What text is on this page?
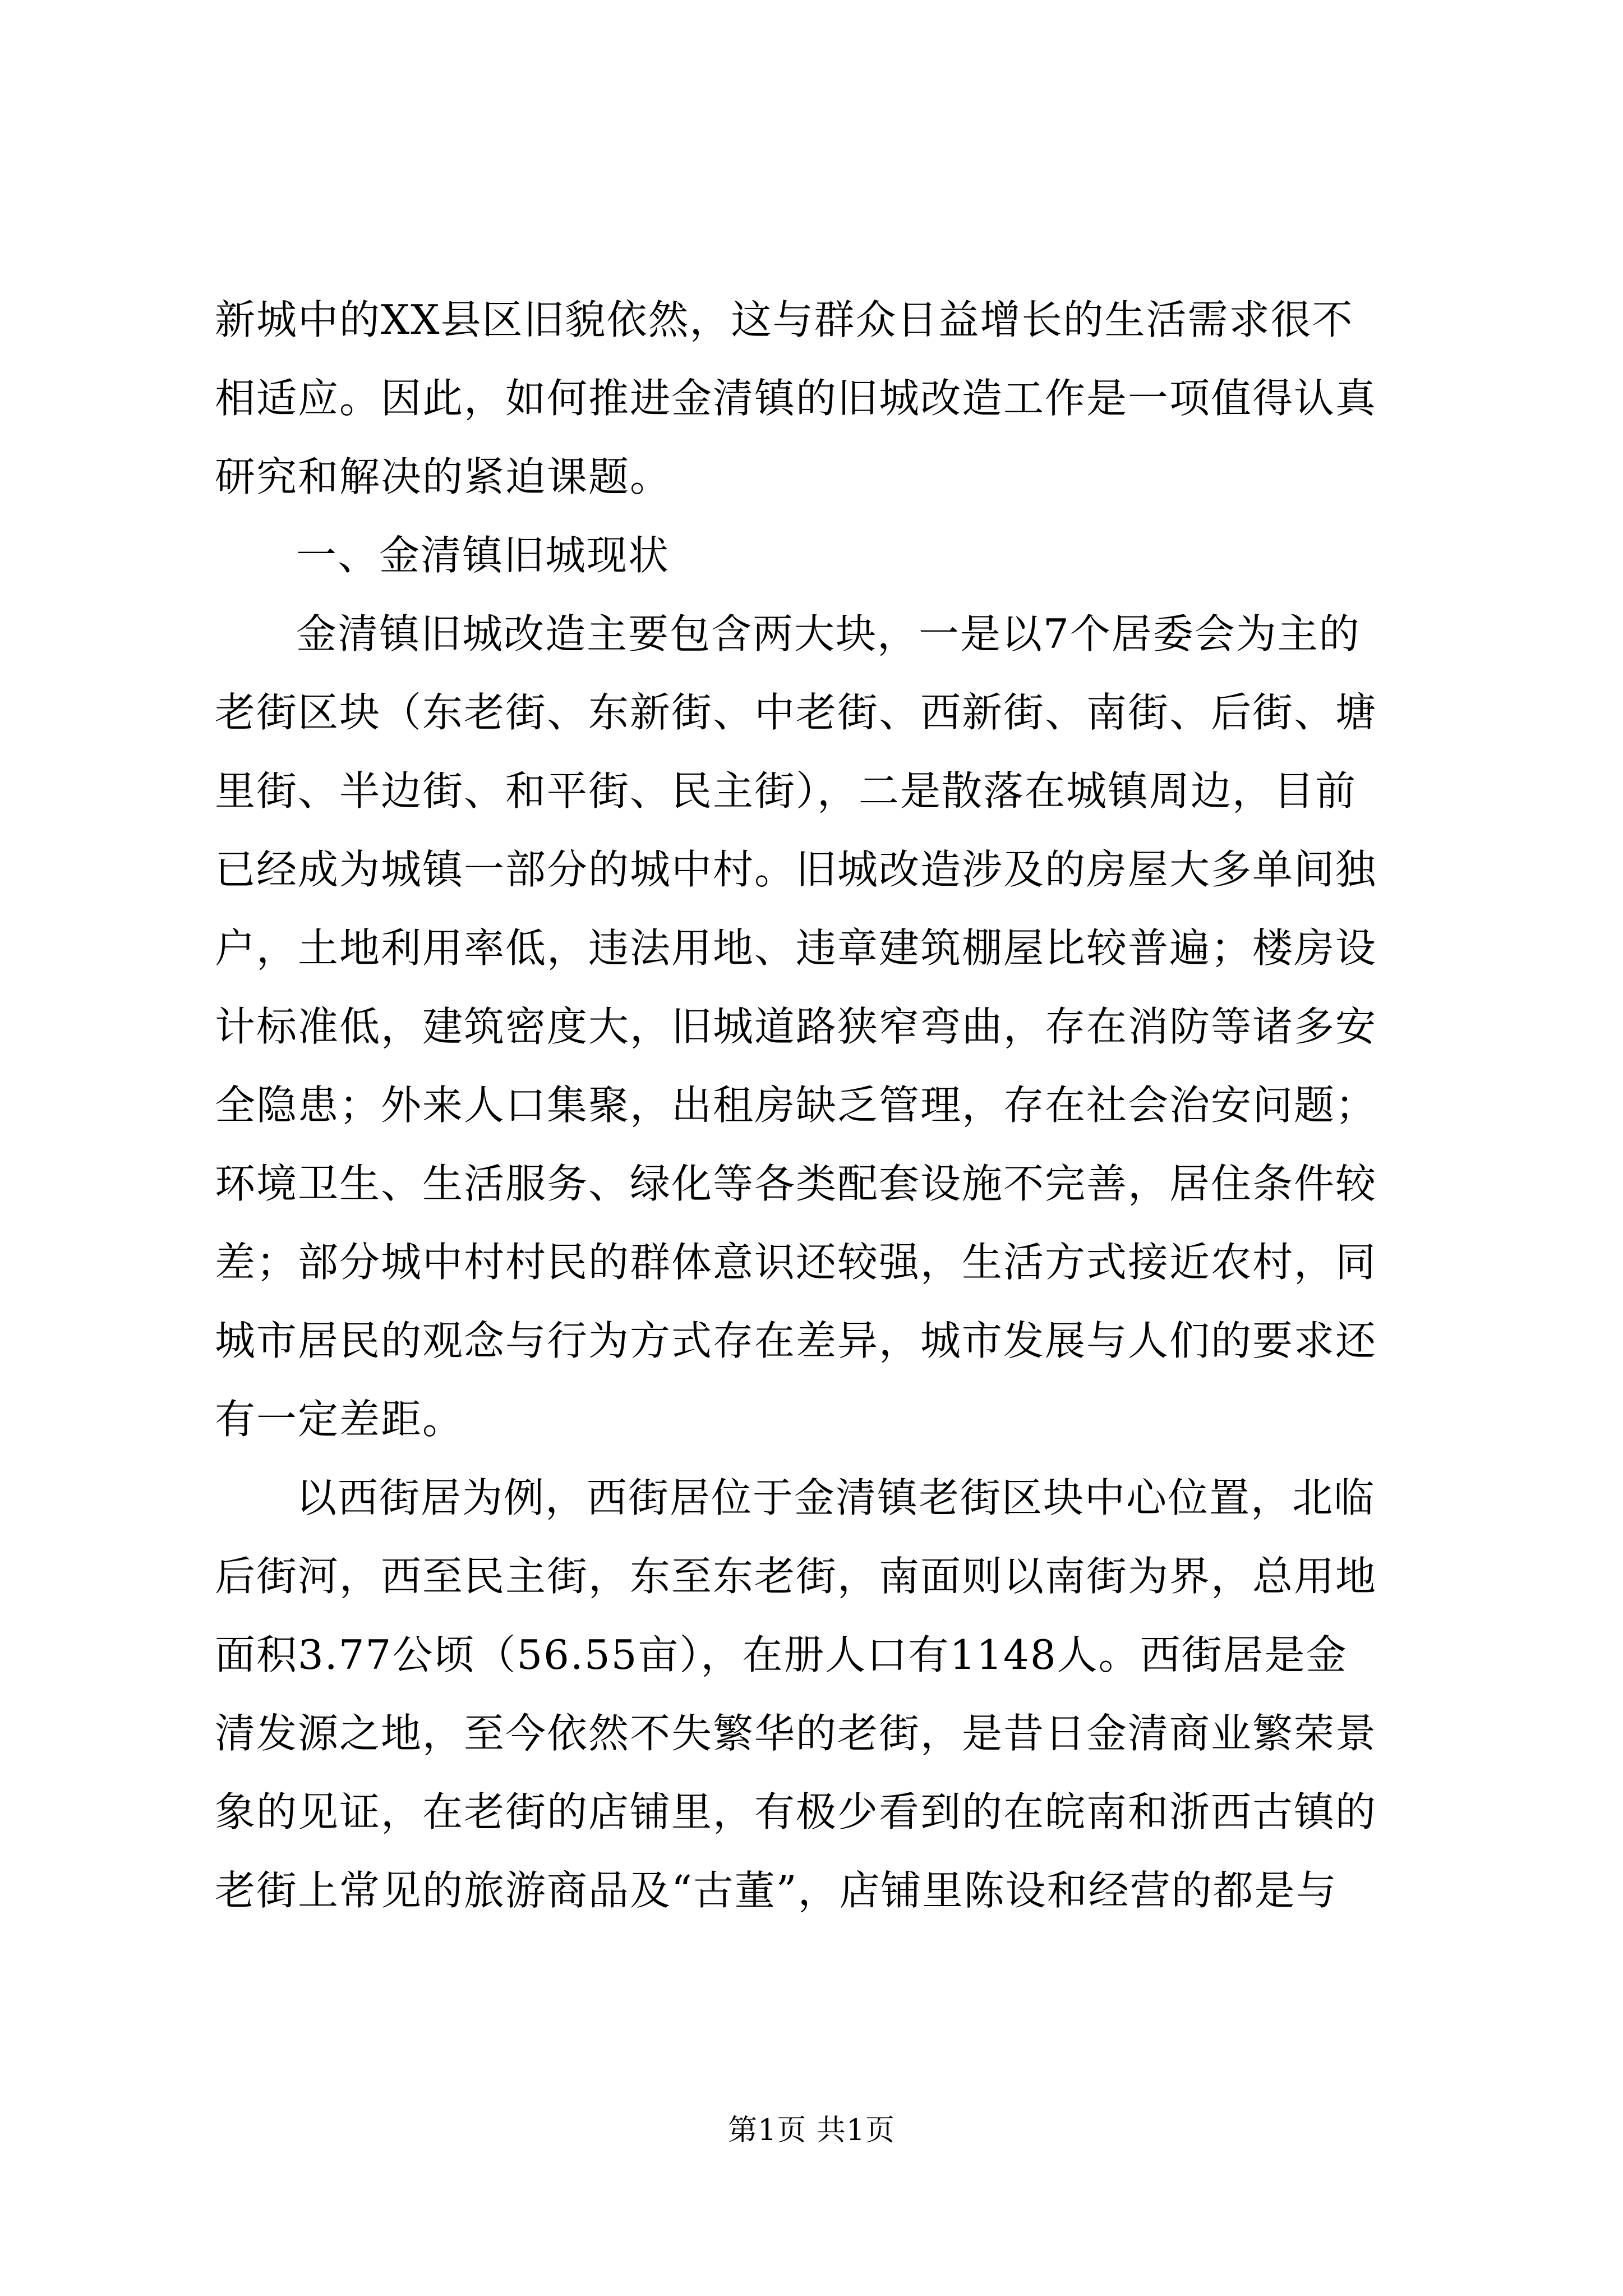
新城中的XX县区旧貌依然，这与群众日益增长的生活需求很不
相适应。因此，如何推进金清镇的旧城改造工作是一项值得认真
研究和解决的紧迫课题。
一、金清镇旧城现状
金清镇旧城改造主要包含两大块，一是以7个居委会为主的
老街区块（东老街、东新街、中老街、西新街、南街、后街、塘
里街、半边街、和平街、民主街），二是散落在城镇周边，目前
已经成为城镇一部分的城中村。旧城改造涉及的房屋大多单间独
户，土地利用率低，违法用地、违章建筑棚屋比较普遍；楼房设
计标准低，建筑密度大，旧城道路狭窄弯曲，存在消防等诸多安
全隐患；外来人口集聚，出租房缺乏管理，存在社会治安问题；
环境卫生、生活服务、绿化等各类配套设施不完善，居住条件较
差；部分城中村村民的群体意识还较强，生活方式接近农村，同
城市居民的观念与行为方式存在差异，城市发展与人们的要求还
有一定差距。
以西街居为例，西街居位于金清镇老街区块中心位置，北临
后街河，西至民主街，东至东老街，南面则以南街为界，总用地
面积3.77公顷（56.55亩），在册人口有1148人。西街居是金
清发源之地，至今依然不失繁华的老街，是昔日金清商业繁荣景
象的见证，在老街的店铺里，有极少看到的在皖南和浙西古镇的
老街上常见的旅游商品及“古董”，店铺里陈设和经营的都是与
第1页 共1页
